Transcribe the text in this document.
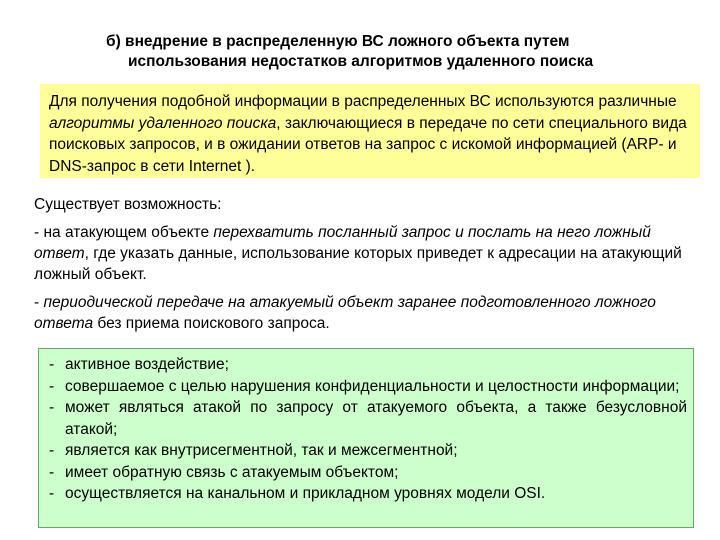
б) внедрение в распределенную ВС ложного объекта путем
использования недостатков алгоритмов удаленного поиска
Для получения подобной информации в распределенных ВС используются различные алгоритмы удаленного поиска, заключающиеся в передаче по сети специального вида поисковых запросов, и в ожидании ответов на запрос с искомой информацией (ARP- и DNS-запрос в сети Internet ).

Существует возможность:

- на атакующем объекте перехватить посланный запрос и послать на него ложный ответ, где указать данные, использование которых приведет к адресации на атакующий ложный объект.

- периодической передаче на атакуемый объект заранее подготовленного ложного ответа без приема поискового запроса.

- активное воздействие;
- совершаемое с целью нарушения конфиденциальности и целостности информации;
- может являться атакой по запросу от атакуемого объекта, а также безусловной атакой;
- является как внутрисегментной, так и межсегментной;
- имеет обратную связь с атакуемым объектом;
- осуществляется на канальном и прикладном уровнях модели OSI.
